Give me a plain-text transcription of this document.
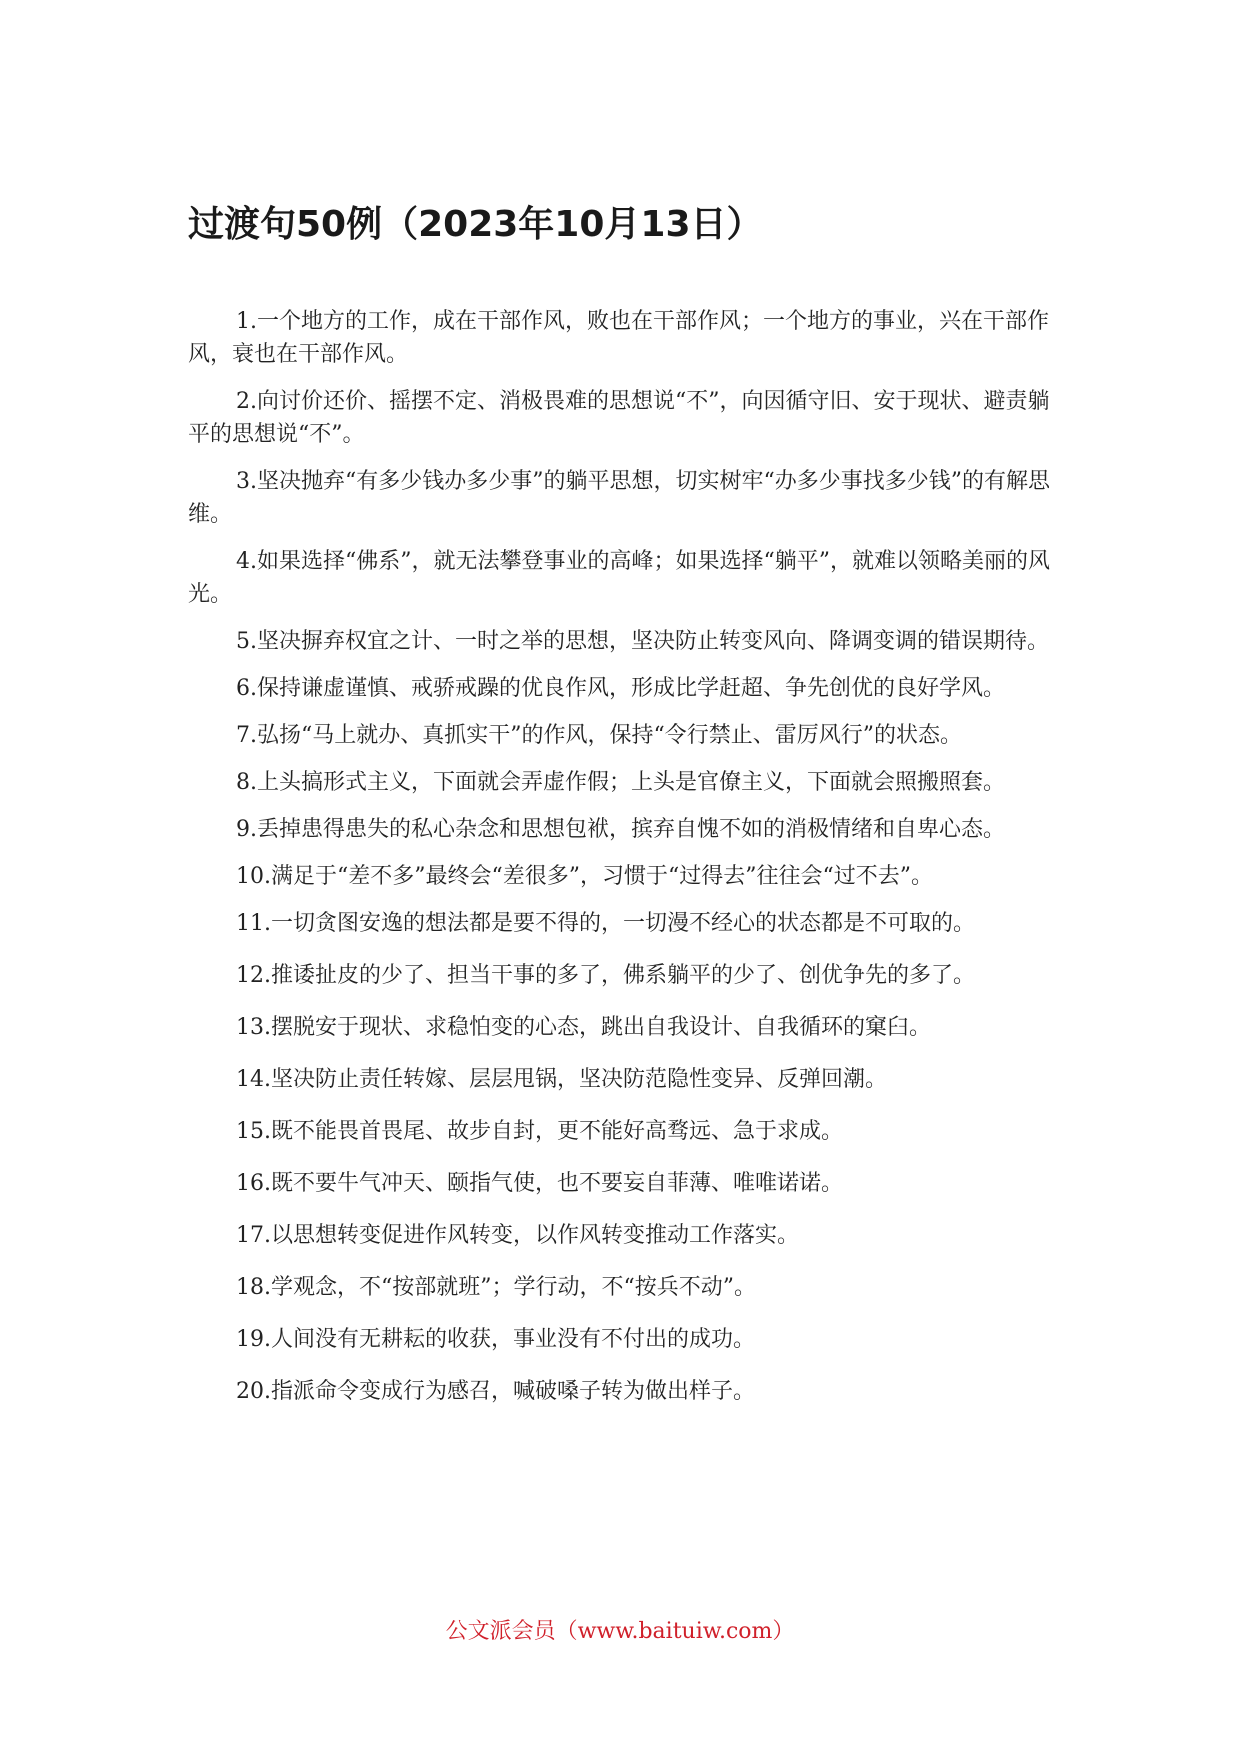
过渡句50例（2023年10月13日）
1.一个地方的工作，成在干部作风，败也在干部作风；一个地方的事业，兴在干部作风，衰也在干部作风。
2.向讨价还价、摇摆不定、消极畏难的思想说“不”，向因循守旧、安于现状、避责躺平的思想说“不”。
3.坚决抛弃“有多少钱办多少事”的躺平思想，切实树牢“办多少事找多少钱”的有解思维。
4.如果选择“佛系”，就无法攀登事业的高峰；如果选择“躺平”，就难以领略美丽的风光。
5.坚决摒弃权宜之计、一时之举的思想，坚决防止转变风向、降调变调的错误期待。
6.保持谦虚谨慎、戒骄戒躁的优良作风，形成比学赶超、争先创优的良好学风。
7.弘扬“马上就办、真抓实干”的作风，保持“令行禁止、雷厉风行”的状态。
8.上头搞形式主义，下面就会弄虚作假；上头是官僚主义，下面就会照搬照套。
9.丢掉患得患失的私心杂念和思想包袱，摈弃自愧不如的消极情绪和自卑心态。
10.满足于“差不多”最终会“差很多”，习惯于“过得去”往往会“过不去”。
11.一切贪图安逸的想法都是要不得的，一切漫不经心的状态都是不可取的。
12.推诿扯皮的少了、担当干事的多了，佛系躺平的少了、创优争先的多了。
13.摆脱安于现状、求稳怕变的心态，跳出自我设计、自我循环的窠臼。
14.坚决防止责任转嫁、层层甩锅，坚决防范隐性变异、反弹回潮。
15.既不能畏首畏尾、故步自封，更不能好高骛远、急于求成。
16.既不要牛气冲天、颐指气使，也不要妄自菲薄、唯唯诺诺。
17.以思想转变促进作风转变，以作风转变推动工作落实。
18.学观念，不“按部就班”；学行动，不“按兵不动”。
19.人间没有无耕耘的收获，事业没有不付出的成功。
20.指派命令变成行为感召，喊破嗓子转为做出样子。
公文派会员（www.baituiw.com）
